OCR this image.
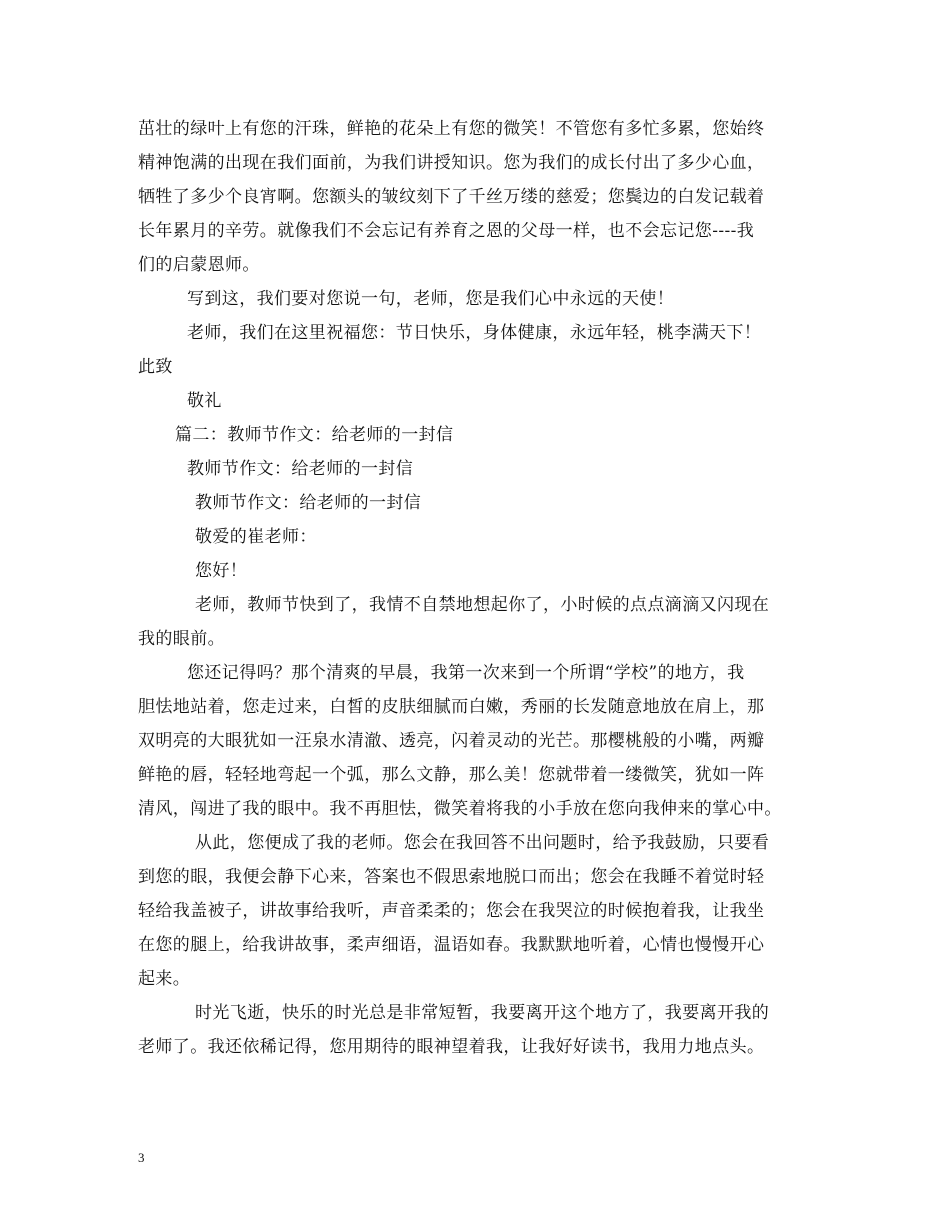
茁壮的绿叶上有您的汗珠，鲜艳的花朵上有您的微笑！不管您有多忙多累，您始终
精神饱满的出现在我们面前，为我们讲授知识。您为我们的成长付出了多少心血，
牺牲了多少个良宵啊。您额头的皱纹刻下了千丝万缕的慈爱；您鬓边的白发记载着
长年累月的辛劳。就像我们不会忘记有养育之恩的父母一样，也不会忘记您----我
们的启蒙恩师。
写到这，我们要对您说一句，老师，您是我们心中永远的天使！
老师，我们在这里祝福您：节日快乐，身体健康，永远年轻，桃李满天下！
此致
敬礼
篇二：教师节作文：给老师的一封信
教师节作文：给老师的一封信
教师节作文：给老师的一封信
敬爱的崔老师：
您好！
老师，教师节快到了，我情不自禁地想起你了，小时候的点点滴滴又闪现在
我的眼前。
您还记得吗？那个清爽的早晨，我第一次来到一个所谓“学校”的地方，我
胆怯地站着，您走过来，白皙的皮肤细腻而白嫩，秀丽的长发随意地放在肩上，那
双明亮的大眼犹如一汪泉水清澈、透亮，闪着灵动的光芒。那樱桃般的小嘴，两瓣
鲜艳的唇，轻轻地弯起一个弧，那么文静，那么美！您就带着一缕微笑，犹如一阵
清风，闯进了我的眼中。我不再胆怯，微笑着将我的小手放在您向我伸来的掌心中。
从此，您便成了我的老师。您会在我回答不出问题时，给予我鼓励，只要看
到您的眼，我便会静下心来，答案也不假思索地脱口而出；您会在我睡不着觉时轻
轻给我盖被子，讲故事给我听，声音柔柔的；您会在我哭泣的时候抱着我，让我坐
在您的腿上，给我讲故事，柔声细语，温语如春。我默默地听着，心情也慢慢开心
起来。
时光飞逝，快乐的时光总是非常短暂，我要离开这个地方了，我要离开我的
老师了。我还依稀记得，您用期待的眼神望着我，让我好好读书，我用力地点头。
3
